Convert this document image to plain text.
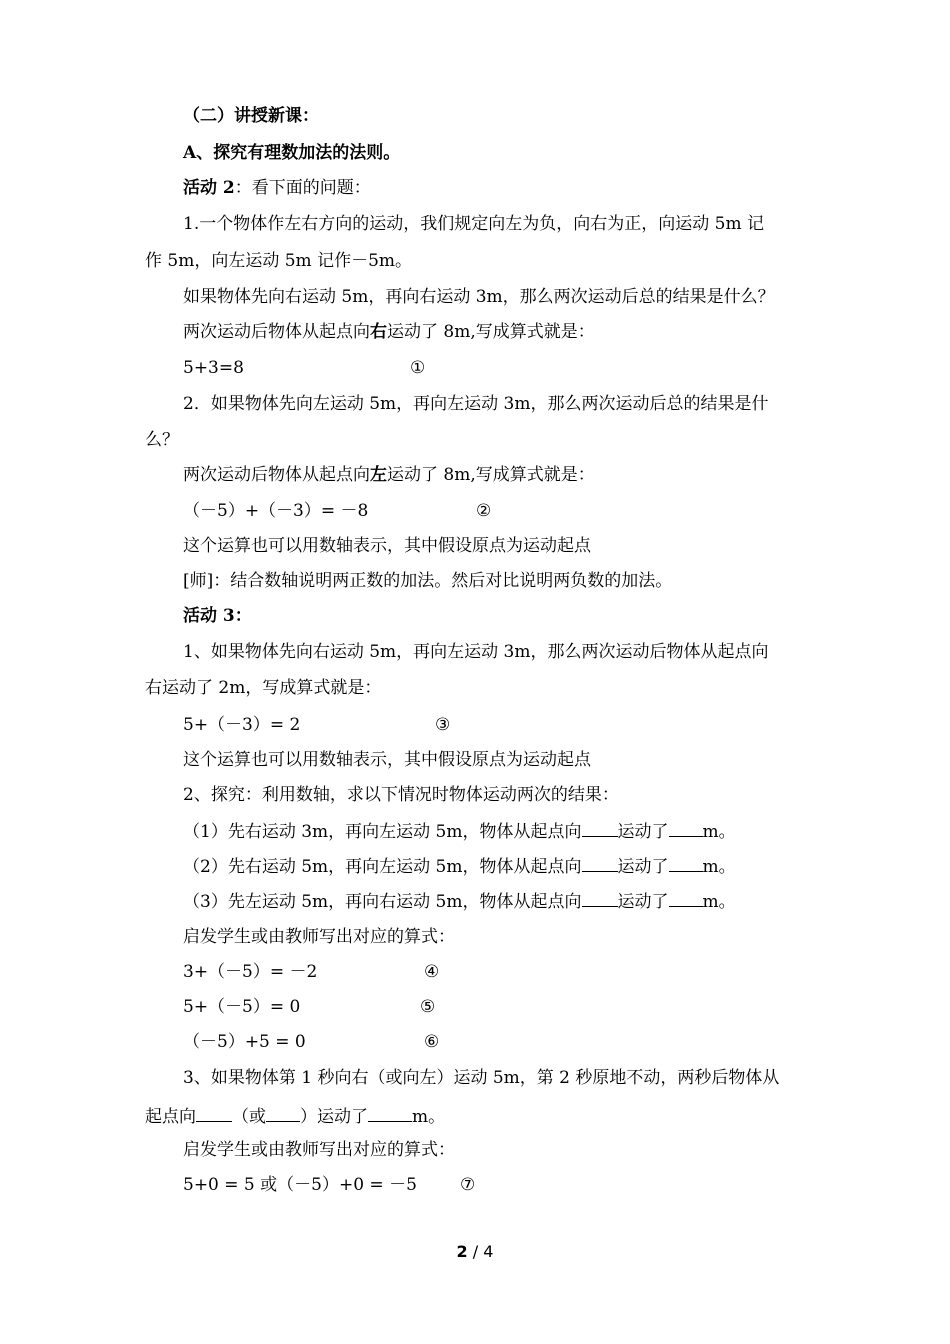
（二）讲授新课：
A、探究有理数加法的法则。
活动 2：看下面的问题：
1.一个物体作左右方向的运动，我们规定向左为负，向右为正，向运动 5m 记
作 5m，向左运动 5m 记作－5m。
如果物体先向右运动 5m，再向右运动 3m，那么两次运动后总的结果是什么？
两次运动后物体从起点向右运动了 8m,写成算式就是：
5+3=8	①
2．如果物体先向左运动 5m，再向左运动 3m，那么两次运动后总的结果是什
么？
两次运动后物体从起点向左运动了 8m,写成算式就是：
（－5）+（－3）= －8	②
这个运算也可以用数轴表示，其中假设原点为运动起点
[师]：结合数轴说明两正数的加法。然后对比说明两负数的加法。
活动 3：
1、如果物体先向右运动 5m，再向左运动 3m，那么两次运动后物体从起点向
右运动了 2m，写成算式就是：
5+（－3）= 2	③
这个运算也可以用数轴表示，其中假设原点为运动起点
2、探究：利用数轴，求以下情况时物体运动两次的结果：
（1）先右运动 3m，再向左运动 5m，物体从起点向 运动了 m。
（2）先右运动 5m，再向左运动 5m，物体从起点向 运动了 m。
（3）先左运动 5m，再向右运动 5m，物体从起点向 运动了 m。
启发学生或由教师写出对应的算式：
3+（－5）= －2	④
5+（－5）= 0	⑤
（－5）+5 = 0	⑥
3、如果物体第 1 秒向右（或向左）运动 5m，第 2 秒原地不动，两秒后物体从
起点向 （或 ）运动了	m。
启发学生或由教师写出对应的算式：
5+0 = 5 或（－5）+0 = －5	⑦
2 / 4
